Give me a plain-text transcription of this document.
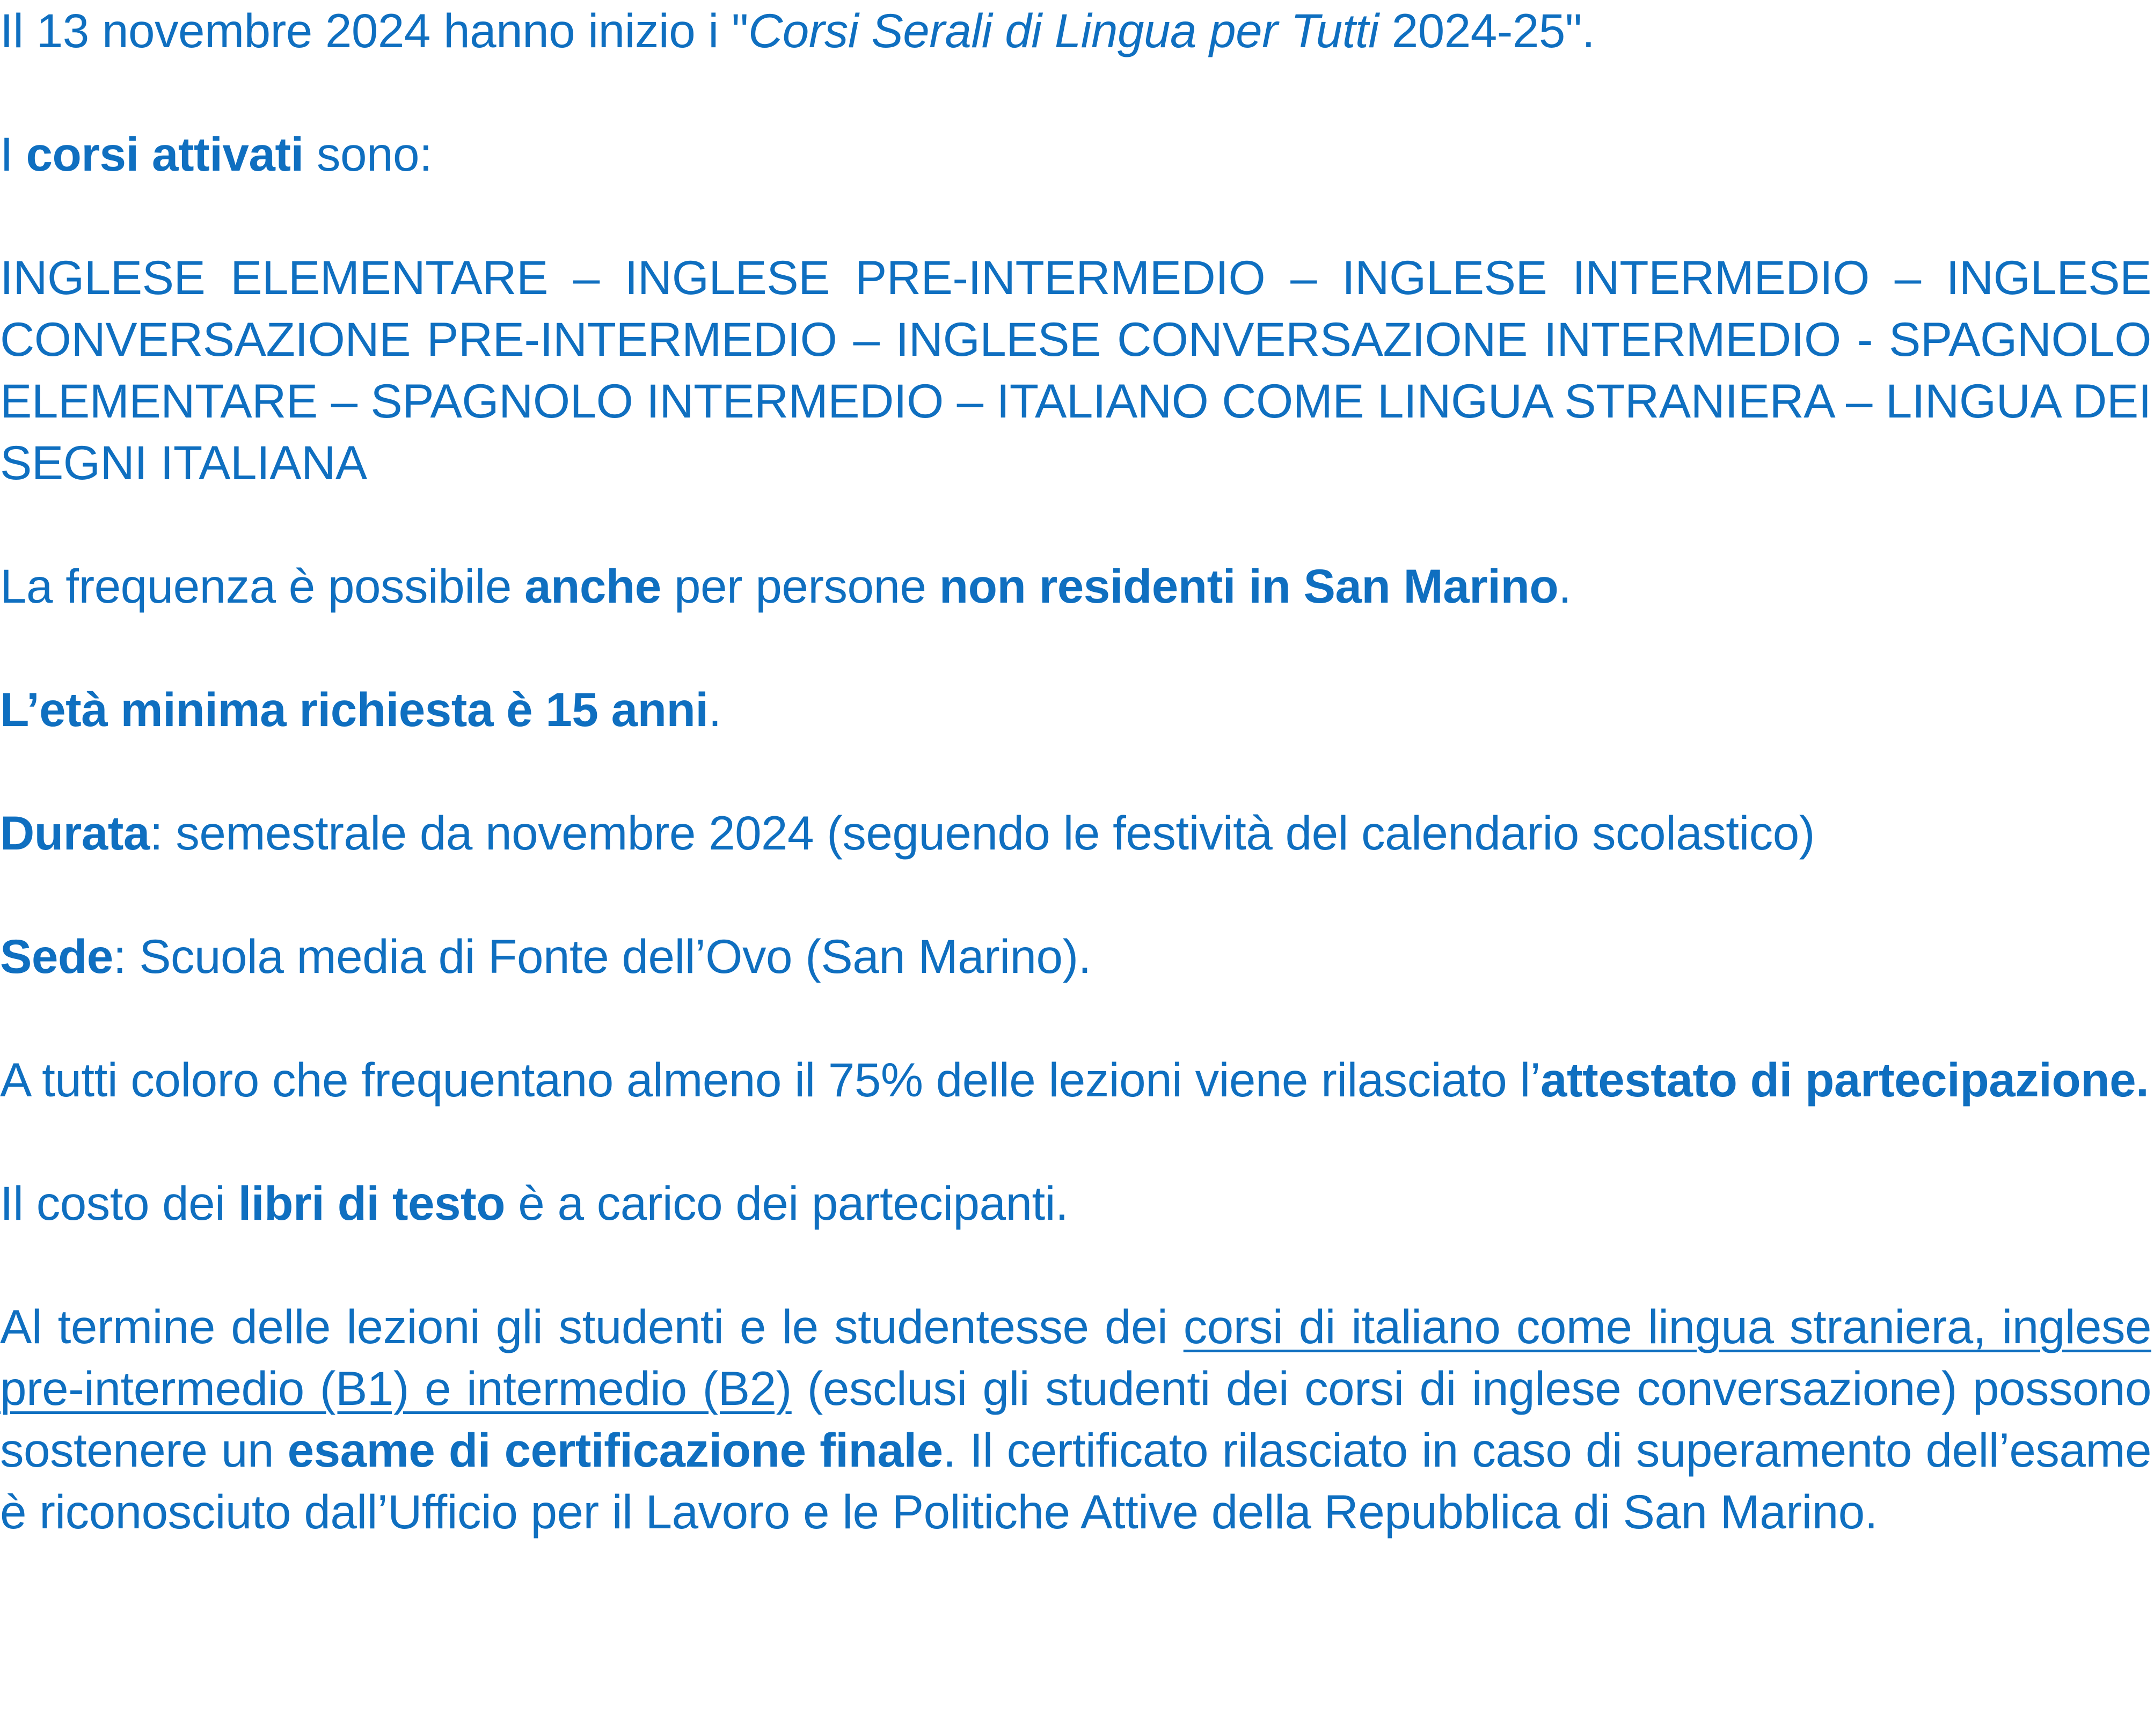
Il 13 novembre 2024 hanno inizio i "Corsi Serali di Lingua per Tutti 2024-25".

I corsi attivati sono:

INGLESE ELEMENTARE – INGLESE PRE-INTERMEDIO – INGLESE INTERMEDIO – INGLESE CONVERSAZIONE PRE-INTERMEDIO – INGLESE CONVERSAZIONE INTERMEDIO - SPAGNOLO ELEMENTARE – SPAGNOLO INTERMEDIO – ITALIANO COME LINGUA STRANIERA – LINGUA DEI SEGNI ITALIANA

La frequenza è possibile anche per persone non residenti in San Marino.

L’età minima richiesta è 15 anni.

Durata: semestrale da novembre 2024 (seguendo le festività del calendario scolastico)

Sede: Scuola media di Fonte dell’Ovo (San Marino).

A tutti coloro che frequentano almeno il 75% delle lezioni viene rilasciato l’attestato di partecipazione.

Il costo dei libri di testo è a carico dei partecipanti.

Al termine delle lezioni gli studenti e le studentesse dei corsi di italiano come lingua straniera, inglese pre-intermedio (B1) e intermedio (B2) (esclusi gli studenti dei corsi di inglese conversazione) possono sostenere un esame di certificazione finale. Il certificato rilasciato in caso di superamento dell’esame è riconosciuto dall’Ufficio per il Lavoro e le Politiche Attive della Repubblica di San Marino.
